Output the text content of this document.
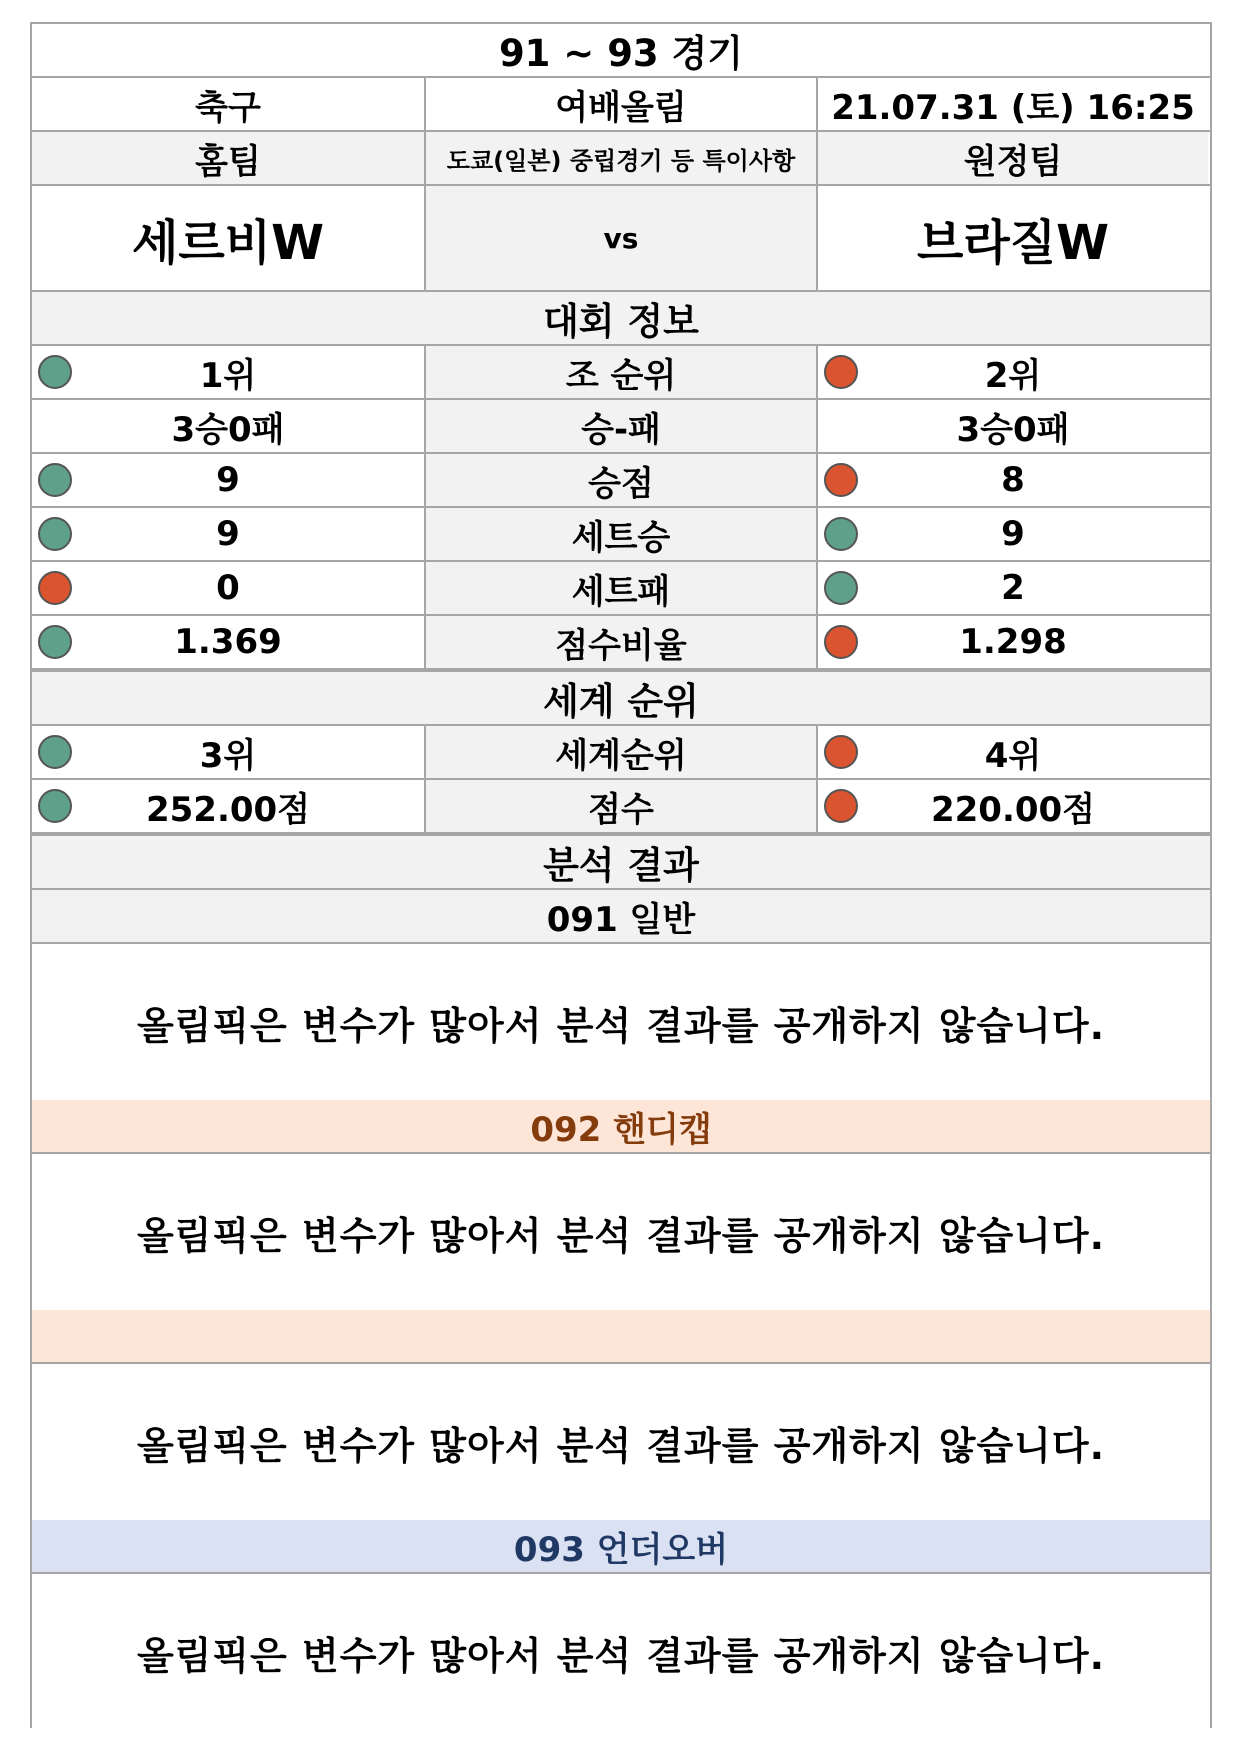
91 ~ 93 경기
축구	여배올림	21.07.31 (토) 16:25
홈팀	도쿄(일본) 중립경기 등 특이사항	원정팀
세르비W	vs	브라질W
대회 정보
1위	조 순위	2위
3승0패	승-패	3승0패
9	승점	8
9	세트승	9
0	세트패	2
1.369	점수비율	1.298
세계 순위
3위	세계순위	4위
252.00점	점수	220.00점
분석 결과
091 일반
올림픽은 변수가 많아서 분석 결과를 공개하지 않습니다.
092 핸디캡
올림픽은 변수가 많아서 분석 결과를 공개하지 않습니다.
올림픽은 변수가 많아서 분석 결과를 공개하지 않습니다.
093 언더오버
올림픽은 변수가 많아서 분석 결과를 공개하지 않습니다.
